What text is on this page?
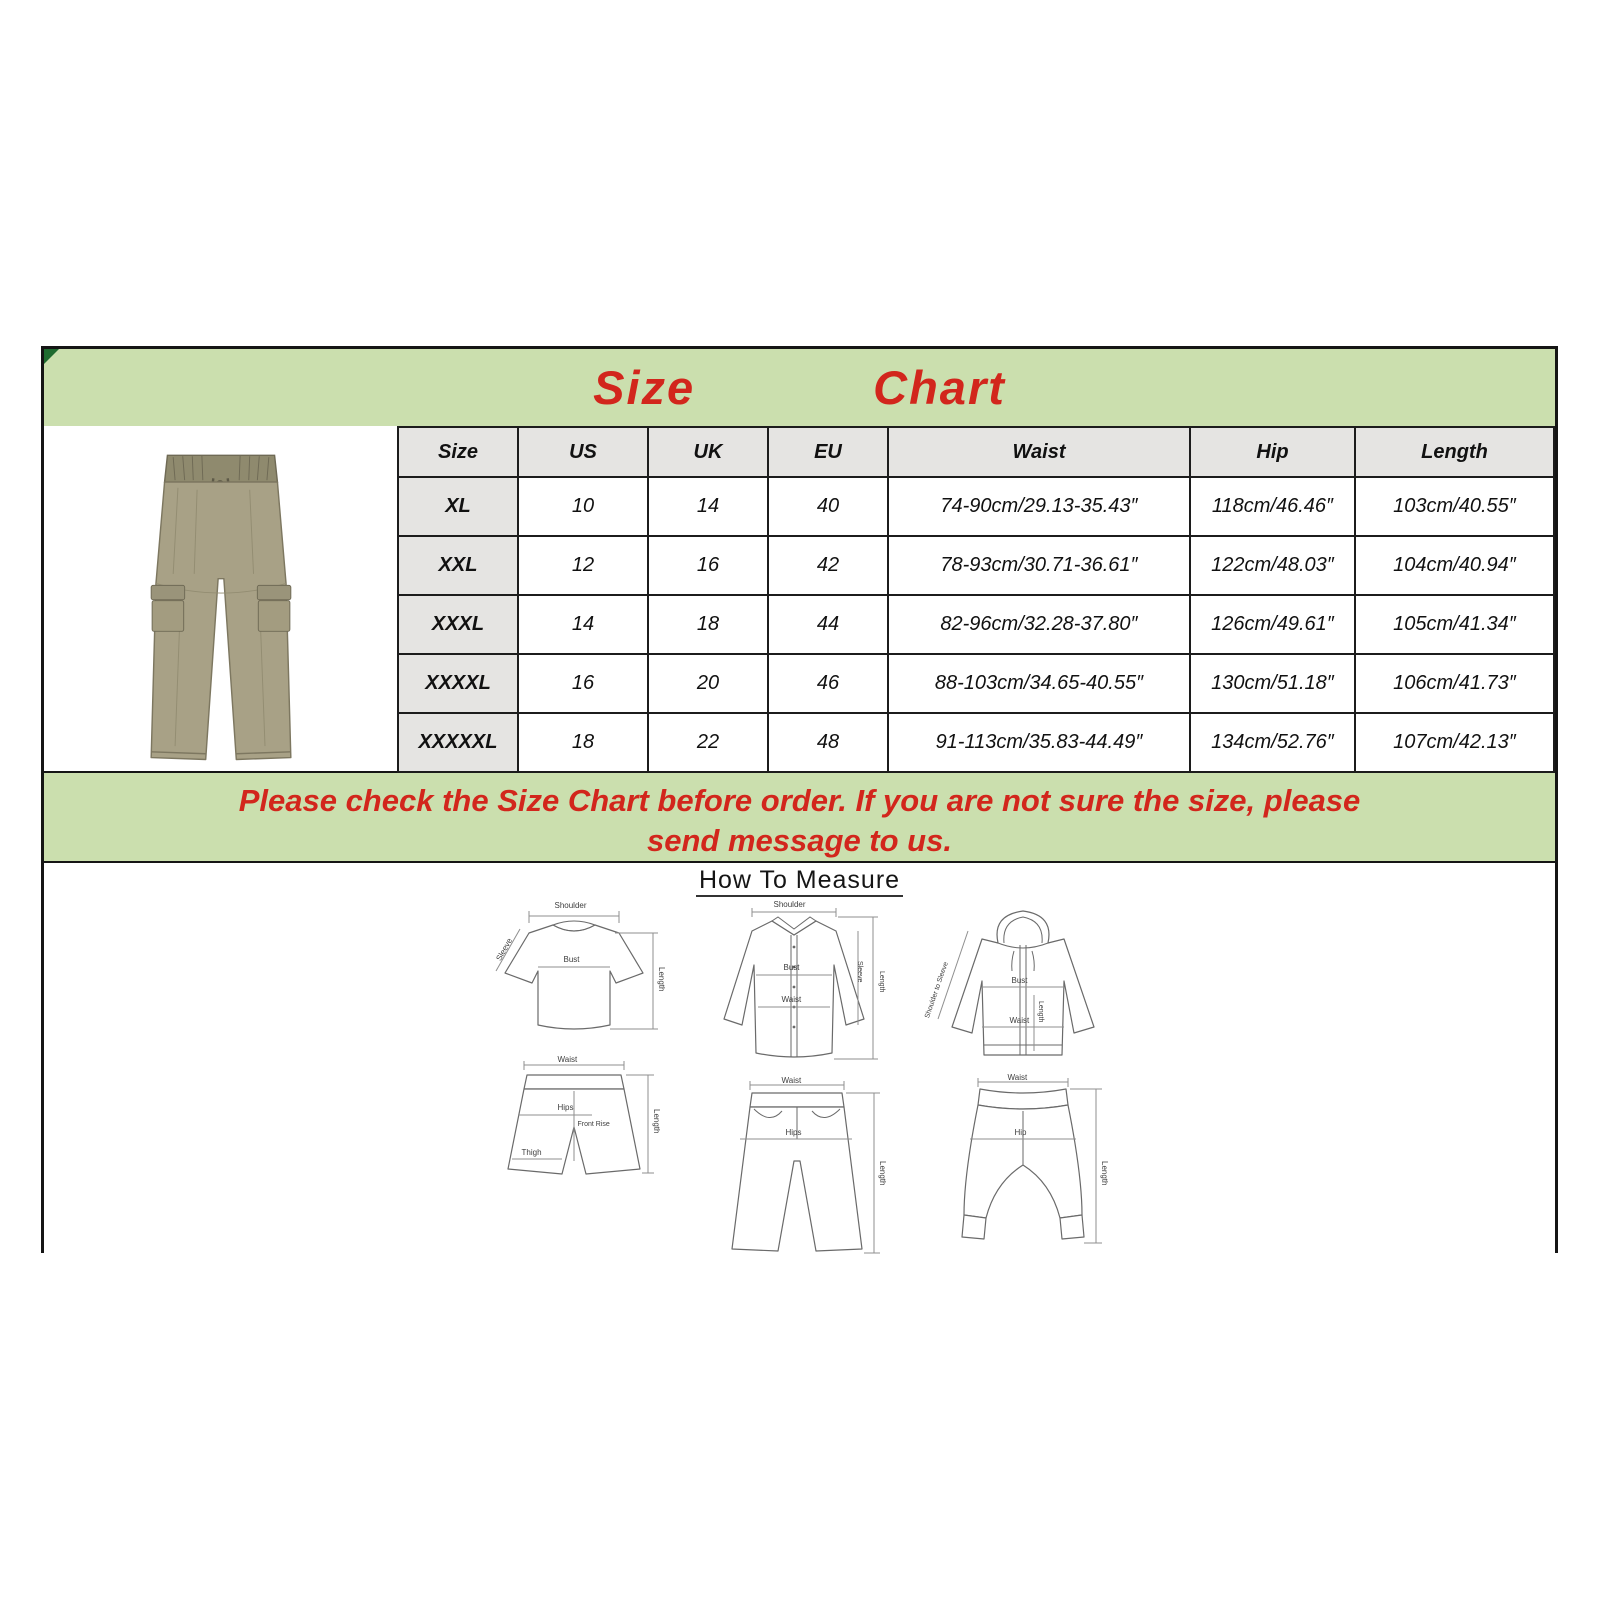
Size	Chart
Size	US	UK	EU	Waist	Hip	Length
XL	10	14	40	74-90cm/29.13-35.43″	118cm/46.46″	103cm/40.55″
XXL	12	16	42	78-93cm/30.71-36.61″	122cm/48.03″	104cm/40.94″
XXXL	14	18	44	82-96cm/32.28-37.80″	126cm/49.61″	105cm/41.34″
XXXXL	16	20	46	88-103cm/34.65-40.55″	130cm/51.18″	106cm/41.73″
XXXXXL	18	22	48	91-113cm/35.83-44.49″	134cm/52.76″	107cm/42.13″
Please check the Size Chart before order. If you are not sure the size, please
send message to us.
How To Measure
Shoulder
Sleeve	Bust
Length
Waist
Hips
Front Rise
Thigh
Length
Shoulder
Bust
Waist
Sleeve Length
Waist
Hips
Length
Shoulder to Sleeve	Bust
Length
Waist
Waist
Hip
Length
